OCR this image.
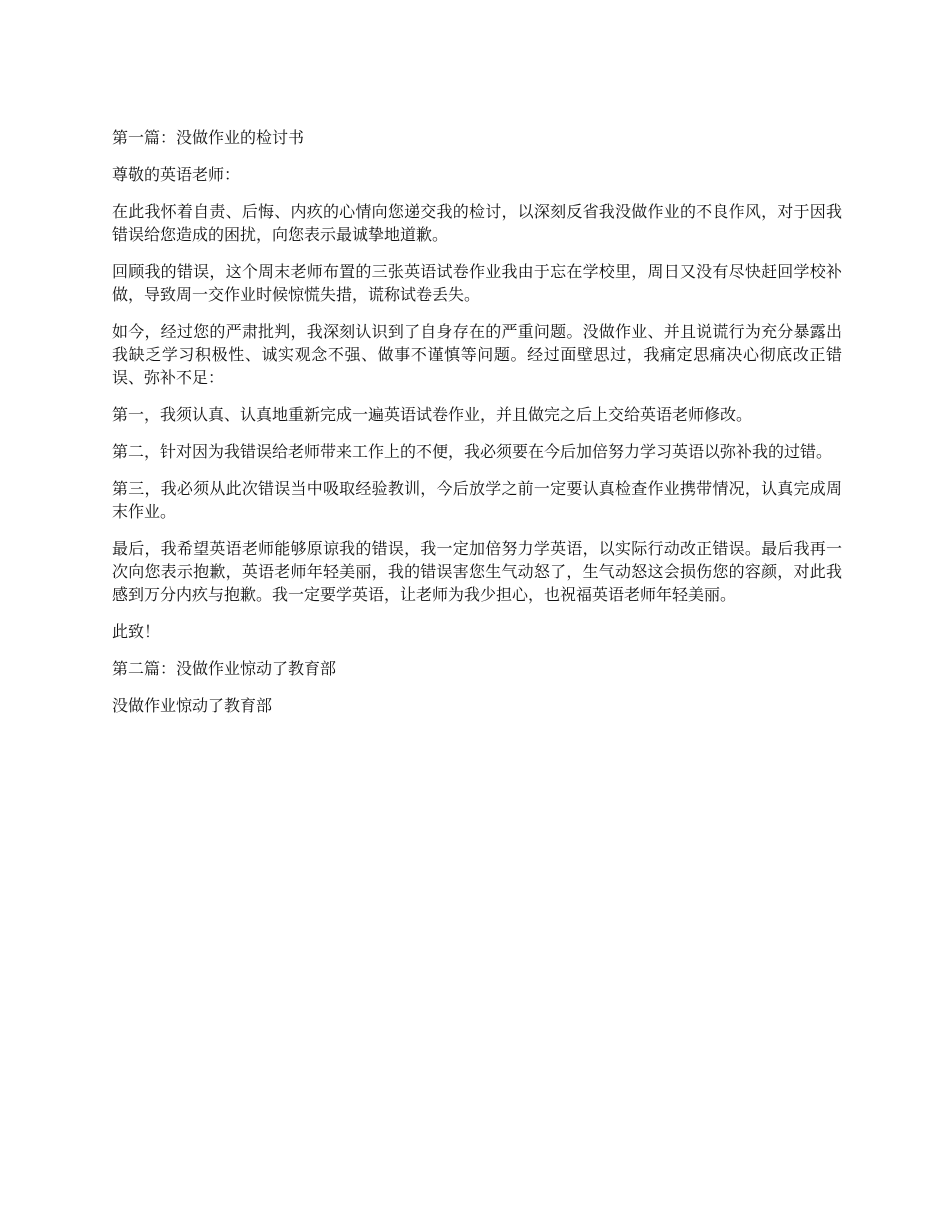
第一篇：没做作业的检讨书

尊敬的英语老师：

在此我怀着自责、后悔、内疚的心情向您递交我的检讨，以深刻反省我没做作业的不良作风，对于因我错误给您造成的困扰，向您表示最诚挚地道歉。

回顾我的错误，这个周末老师布置的三张英语试卷作业我由于忘在学校里，周日又没有尽快赶回学校补做，导致周一交作业时候惊慌失措，谎称试卷丢失。

如今，经过您的严肃批判，我深刻认识到了自身存在的严重问题。没做作业、并且说谎行为充分暴露出我缺乏学习积极性、诚实观念不强、做事不谨慎等问题。经过面壁思过，我痛定思痛决心彻底改正错误、弥补不足：

第一，我须认真、认真地重新完成一遍英语试卷作业，并且做完之后上交给英语老师修改。

第二，针对因为我错误给老师带来工作上的不便，我必须要在今后加倍努力学习英语以弥补我的过错。

第三，我必须从此次错误当中吸取经验教训，今后放学之前一定要认真检查作业携带情况，认真完成周末作业。

最后，我希望英语老师能够原谅我的错误，我一定加倍努力学英语，以实际行动改正错误。最后我再一次向您表示抱歉，英语老师年轻美丽，我的错误害您生气动怒了，生气动怒这会损伤您的容颜，对此我感到万分内疚与抱歉。我一定要学英语，让老师为我少担心，也祝福英语老师年轻美丽。

此致！

第二篇：没做作业惊动了教育部

没做作业惊动了教育部
